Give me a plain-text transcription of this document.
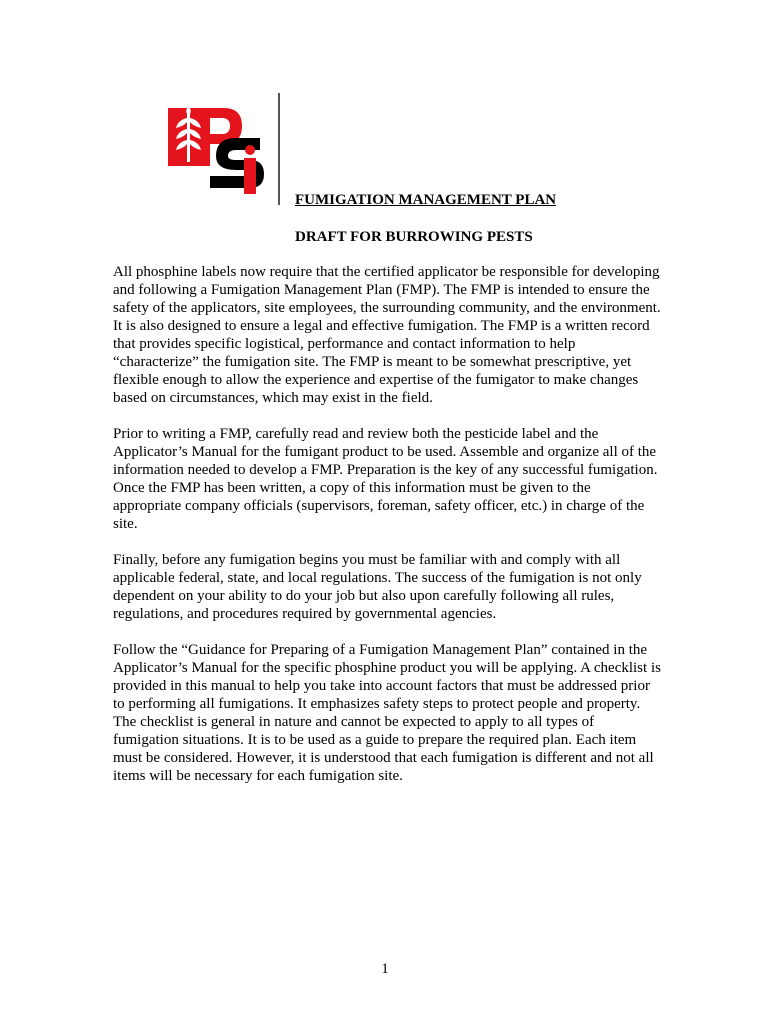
FUMIGATION MANAGEMENT PLAN
DRAFT FOR BURROWING PESTS

All phosphine labels now require that the certified applicator be responsible for developing and following a Fumigation Management Plan (FMP). The FMP is intended to ensure the safety of the applicators, site employees, the surrounding community, and the environment. It is also designed to ensure a legal and effective fumigation. The FMP is a written record that provides specific logistical, performance and contact information to help “characterize” the fumigation site. The FMP is meant to be somewhat prescriptive, yet flexible enough to allow the experience and expertise of the fumigator to make changes based on circumstances, which may exist in the field.

Prior to writing a FMP, carefully read and review both the pesticide label and the Applicator’s Manual for the fumigant product to be used. Assemble and organize all of the information needed to develop a FMP. Preparation is the key of any successful fumigation. Once the FMP has been written, a copy of this information must be given to the appropriate company officials (supervisors, foreman, safety officer, etc.) in charge of the site.

Finally, before any fumigation begins you must be familiar with and comply with all applicable federal, state, and local regulations. The success of the fumigation is not only dependent on your ability to do your job but also upon carefully following all rules, regulations, and procedures required by governmental agencies.

Follow the “Guidance for Preparing of a Fumigation Management Plan” contained in the Applicator’s Manual for the specific phosphine product you will be applying. A checklist is provided in this manual to help you take into account factors that must be addressed prior to performing all fumigations. It emphasizes safety steps to protect people and property. The checklist is general in nature and cannot be expected to apply to all types of fumigation situations. It is to be used as a guide to prepare the required plan. Each item must be considered. However, it is understood that each fumigation is different and not all items will be necessary for each fumigation site.

1
